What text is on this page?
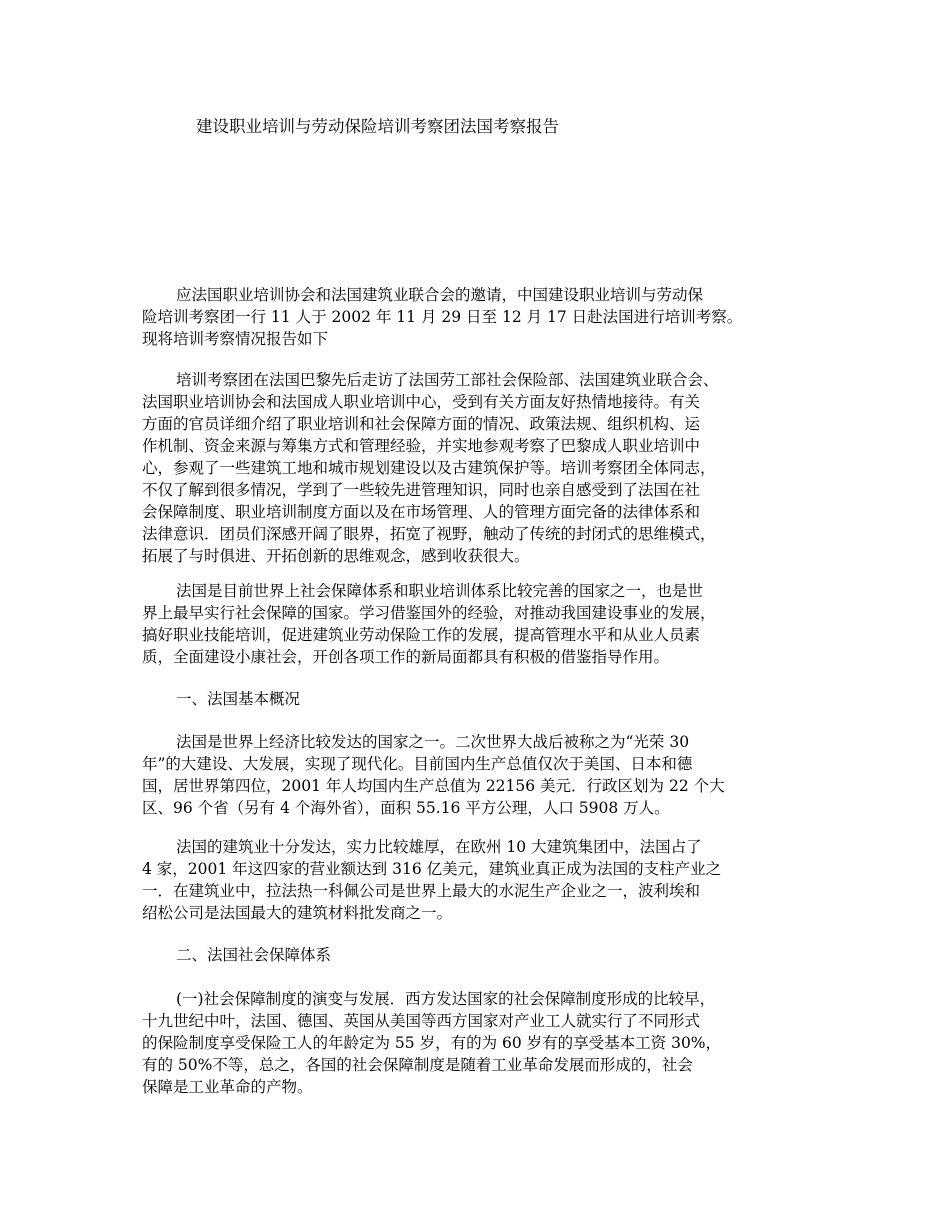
建设职业培训与劳动保险培训考察团法国考察报告
应法国职业培训协会和法国建筑业联合会的邀请，中国建设职业培训与劳动保
险培训考察团一行 11 人于 2002 年 11 月 29 日至 12 月 17 日赴法国进行培训考察。
现将培训考察情况报告如下
培训考察团在法国巴黎先后走访了法国劳工部社会保险部、法国建筑业联合会、
法国职业培训协会和法国成人职业培训中心，受到有关方面友好热情地接待。有关
方面的官员详细介绍了职业培训和社会保障方面的情况、政策法规、组织机构、运
作机制、资金来源与筹集方式和管理经验，并实地参观考察了巴黎成人职业培训中
心，参观了一些建筑工地和城市规划建设以及古建筑保护等。培训考察团全体同志，
不仅了解到很多情况，学到了一些较先进管理知识，同时也亲自感受到了法国在社
会保障制度、职业培训制度方面以及在市场管理、人的管理方面完备的法律体系和
法律意识．团员们深感开阔了眼界，拓宽了视野，触动了传统的封闭式的思维模式，
拓展了与时俱进、开拓创新的思维观念，感到收获很大。
法国是目前世界上社会保障体系和职业培训体系比较完善的国家之一，也是世
界上最早实行社会保障的国家。学习借鉴国外的经验，对推动我国建设事业的发展，
搞好职业技能培训，促进建筑业劳动保险工作的发展，提高管理水平和从业人员素
质，全面建设小康社会，开创各项工作的新局面都具有积极的借鉴指导作用。
一、法国基本概况
法国是世界上经济比较发达的国家之一。二次世界大战后被称之为“光荣 30
年”的大建设、大发展，实现了现代化。目前国内生产总值仅次于美国、日本和德
国，居世界第四位，2001 年人均国内生产总值为 22156 美元．行政区划为 22 个大
区、96 个省（另有 4 个海外省），面积 55.16 平方公理，人口 5908 万人。
法国的建筑业十分发达，实力比较雄厚，在欧州 10 大建筑集团中，法国占了
4 家，2001 年这四家的营业额达到 316 亿美元，建筑业真正成为法国的支柱产业之
一．在建筑业中，拉法热一科佩公司是世界上最大的水泥生产企业之一，波利埃和
绍松公司是法国最大的建筑材料批发商之一。
二、法国社会保障体系
(一)社会保障制度的演变与发展．西方发达国家的社会保障制度形成的比较早，
十九世纪中叶，法国、德国、英国从美国等西方国家对产业工人就实行了不同形式
的保险制度享受保险工人的年龄定为 55 岁，有的为 60 岁有的享受基本工资 30%，
有的 50%不等，总之，各国的社会保障制度是随着工业革命发展而形成的，社会
保障是工业革命的产物。
